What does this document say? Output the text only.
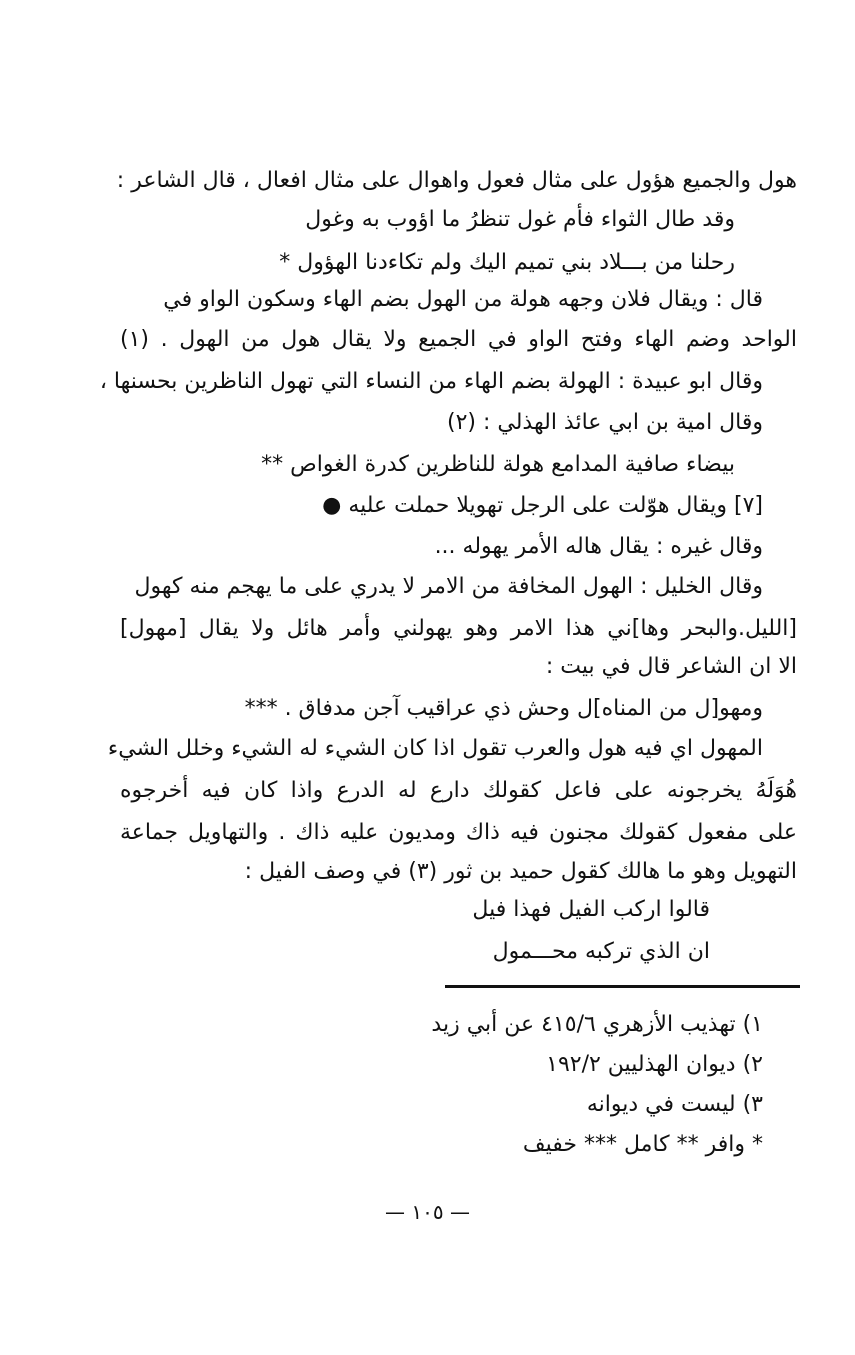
هول والجميع هؤول على مثال فعول واهوال على مثال افعال ، قال الشاعر :
وقد طال الثواء فأم غول تنظرُ ما اؤوب به وغول
رحلنا من بـــلاد بني تميم اليك ولم تكاءدنا الهؤول *
قال : ويقال فلان وجهه هولة من الهول بضم الهاء وسكون الواو في
الواحد وضم الهاء وفتح الواو في الجميع ولا يقال هول من الهول . (١)
وقال ابو عبيدة : الهولة بضم الهاء من النساء التي تهول الناظرين بحسنها ،
وقال امية بن ابي عائذ الهذلي : (٢)
بيضاء صافية المدامع هولة للناظرين كدرة الغواص **
[٧] ويقال هوّلت على الرجل تهويلا حملت عليه ●
وقال غيره : يقال هاله الأمر يهوله ...
وقال الخليل : الهول المخافة من الامر لا يدري على ما يهجم منه كهول
[الليل.والبحر وها]ني هذا الامر وهو يهولني وأمر هائل ولا يقال [مهول]
الا ان الشاعر قال في بيت :
ومهو[ل من المناه]ل وحش ذي عراقيب آجن مدفاق . ***
المهول اي فيه هول والعرب تقول اذا كان الشيء له الشيء وخلل الشيء
هُوَلَهُ يخرجونه على فاعل كقولك دارع له الدرع واذا كان فيه أخرجوه
على مفعول كقولك مجنون فيه ذاك ومديون عليه ذاك . والتهاويل جماعة
التهويل وهو ما هالك كقول حميد بن ثور (٣) في وصف الفيل :
قالوا اركب الفيل فهذا فيل
ان الذي تركبه محـــمول
١) تهذيب الأزهري ٤١٥/٦ عن أبي زيد
٢) ديوان الهذليين ١٩٢/٢
٣) ليست في ديوانه
* وافر ** كامل *** خفيف
— ١٠٥ —
